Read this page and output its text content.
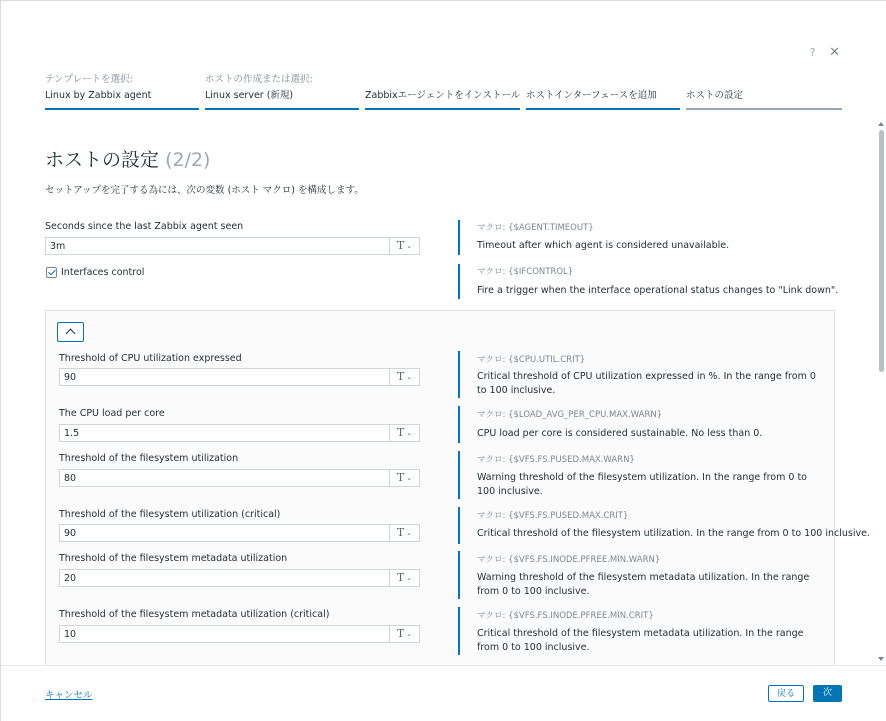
? ✕
テンプレートを選択:
Linux by Zabbix agent
ホストの作成または選択:
Linux server (新規)	Zabbixエージェントをインストール ホストインターフェースを追加	ホストの設定
ホストの設定 (2/2)
セットアップを完了する為には、次の変数 (ホスト マクロ) を構成します。
Seconds since the last Zabbix agent seen
3m
T ⌄
マクロ: {$AGENT.TIMEOUT}
Timeout after which agent is considered unavailable.
Interfaces control	マクロ: {$IFCONTROL}
Fire a trigger when the interface operational status changes to "Link down".
Threshold of CPU utilization expressed
90
T ⌄
マクロ: {$CPU.UTIL.CRIT}
Critical threshold of CPU utilization expressed in %. In the range from 0 to 100 inclusive.
The CPU load per core
1.5
T ⌄
マクロ: {$LOAD_AVG_PER_CPU.MAX.WARN}
CPU load per core is considered sustainable. No less than 0.
Threshold of the filesystem utilization
80
T ⌄
マクロ: {$VFS.FS.PUSED.MAX.WARN}
Warning threshold of the filesystem utilization. In the range from 0 to 100 inclusive.
Threshold of the filesystem utilization (critical)
90
T ⌄
マクロ: {$VFS.FS.PUSED.MAX.CRIT}
Critical threshold of the filesystem utilization. In the range from 0 to 100 inclusive.
Threshold of the filesystem metadata utilization
20
T ⌄
マクロ: {$VFS.FS.INODE.PFREE.MIN.WARN}
Warning threshold of the filesystem metadata utilization. In the range from 0 to 100 inclusive.
Threshold of the filesystem metadata utilization (critical)
10
T ⌄
マクロ: {$VFS.FS.INODE.PFREE.MIN.CRIT}
Critical threshold of the filesystem metadata utilization. In the range from 0 to 100 inclusive.
キャンセル	戻る	次
